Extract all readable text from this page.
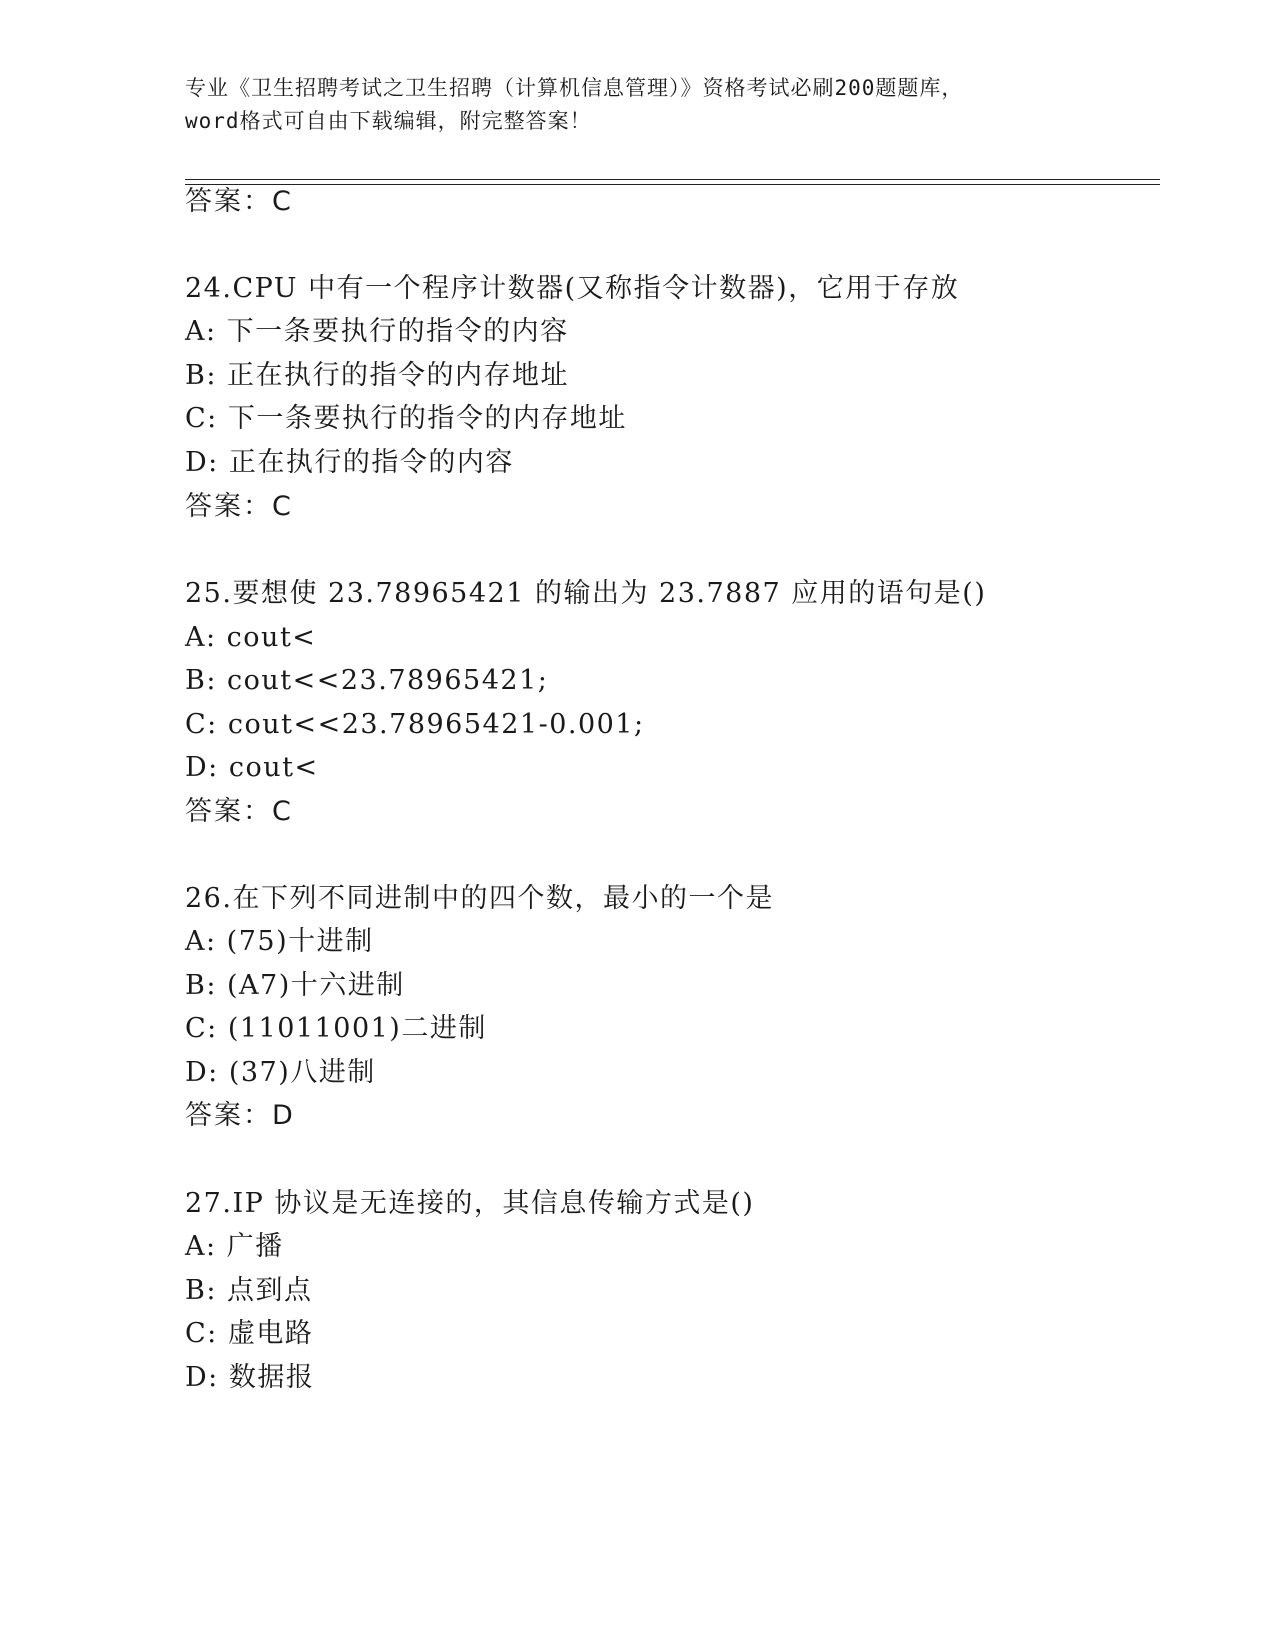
专业《卫生招聘考试之卫生招聘（计算机信息管理）》资格考试必刷200题题库，
word格式可自由下载编辑，附完整答案！
答案：C
24.CPU 中有一个程序计数器(又称指令计数器)，它用于存放
A: 下一条要执行的指令的内容
B: 正在执行的指令的内存地址
C: 下一条要执行的指令的内存地址
D: 正在执行的指令的内容
答案：C
25.要想使 23.78965421 的输出为 23.7887 应用的语句是()
A: cout<
B: cout<<23.78965421;
C: cout<<23.78965421-0.001;
D: cout<
答案：C
26.在下列不同进制中的四个数，最小的一个是
A: (75)十进制
B: (A7)十六进制
C: (11011001)二进制
D: (37)八进制
答案：D
27.IP 协议是无连接的，其信息传输方式是()
A: 广播
B: 点到点
C: 虚电路
D: 数据报
